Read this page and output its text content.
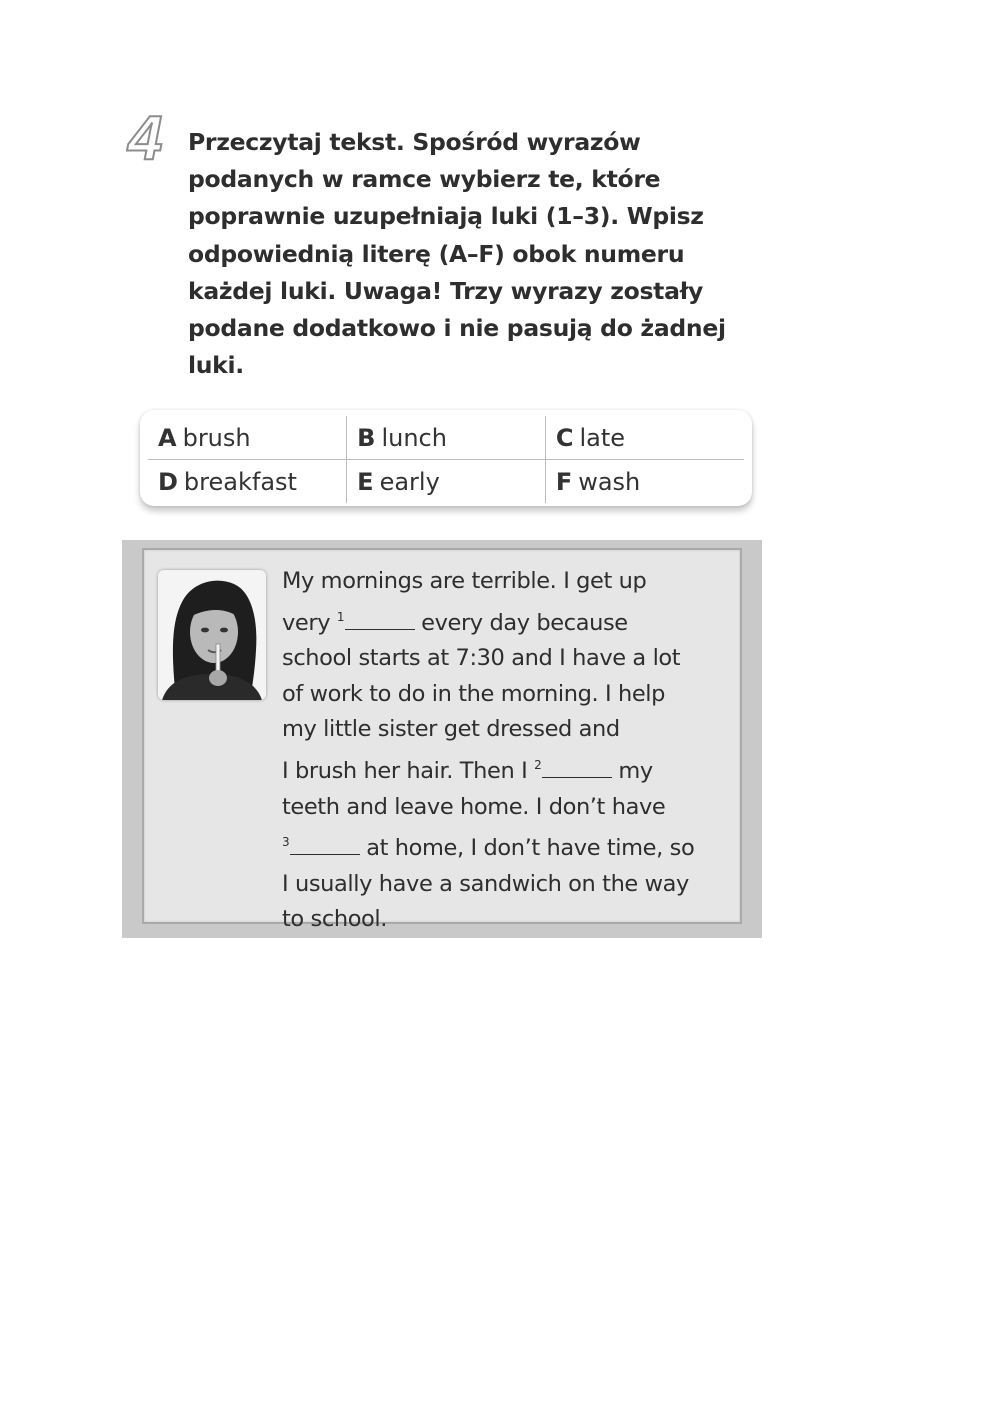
4 Przeczytaj tekst. Spośród wyrazów
podanych w ramce wybierz te, które
poprawnie uzupełniają luki (1–3). Wpisz
odpowiednią literę (A–F) obok numeru
każdej luki. Uwaga! Trzy wyrazy zostały
podane dodatkowo i nie pasują do żadnej
luki.

A brush	B lunch	C late
D breakfast	E early	F wash

My mornings are terrible. I get up
very $^1$	every day because
school starts at 7:30 and I have a lot
of work to do in the morning. I help
my little sister get dressed and
I brush her hair. Then I $^2$	my
teeth and leave home. I don’t have
$^3$	at home, I don’t have time, so
I usually have a sandwich on the way
to school.
